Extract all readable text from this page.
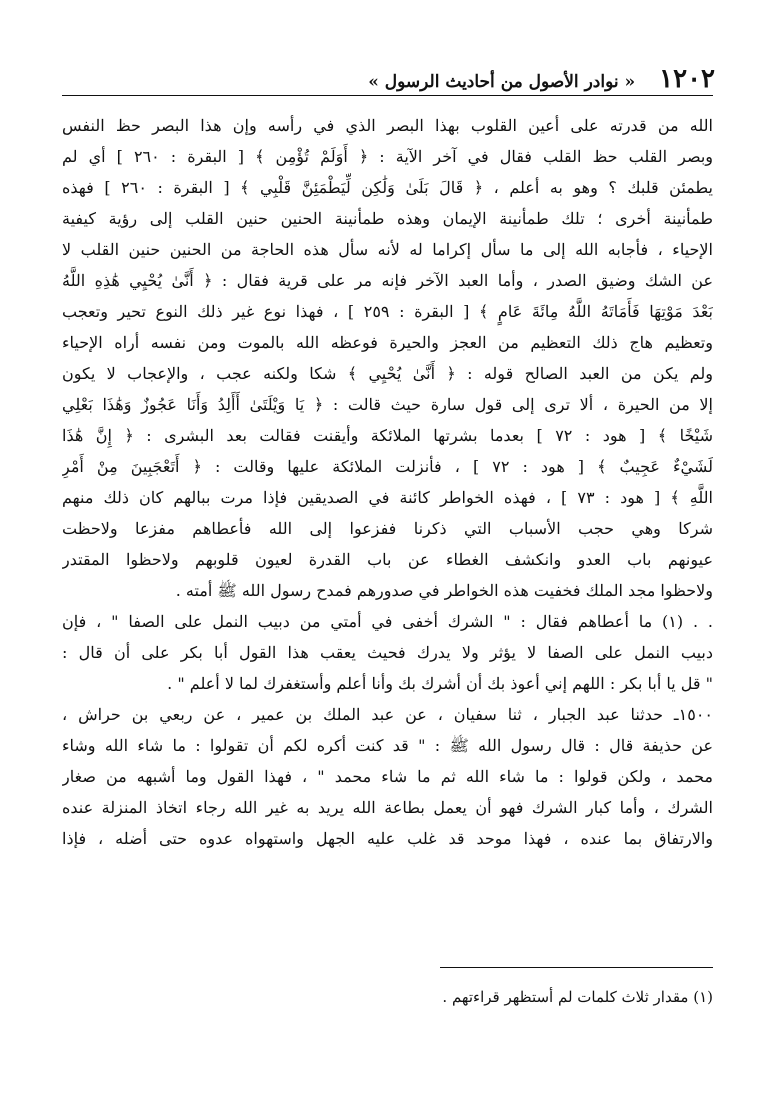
١٢٠٢
« نوادر الأصول من أحاديث الرسول »
الله من قدرته على أعين القلوب بهذا البصر الذي في رأسه وإن هذا البصر حظ النفس
وبصر القلب حظ القلب فقال في آخر الآية : ﴿ أَوَلَمْ تُؤْمِن ﴾ [ البقرة : ٢٦٠ ] أي لم
يطمئن قلبك ؟ وهو به أعلم ، ﴿ قَالَ بَلَىٰ وَلَٰكِن لِّيَطْمَئِنَّ قَلْبِي ﴾ [ البقرة : ٢٦٠ ] فهذه
طمأنينة أخرى ؛ تلك طمأنينة الإيمان وهذه طمأنينة الحنين حنين القلب إلى رؤية كيفية
الإحياء ، فأجابه الله إلى ما سأل إكراما له لأنه سأل هذه الحاجة من الحنين حنين القلب لا
عن الشك وضيق الصدر ، وأما العبد الآخر فإنه مر على قرية فقال : ﴿ أَنَّىٰ يُحْيِي هَٰذِهِ اللَّهُ
بَعْدَ مَوْتِهَا فَأَمَاتَهُ اللَّهُ مِائَةَ عَامٍ ﴾ [ البقرة : ٢٥٩ ] ، فهذا نوع غير ذلك النوع تحير وتعجب
وتعظيم هاج ذلك التعظيم من العجز والحيرة فوعظه الله بالموت ومن نفسه أراه الإحياء
ولم يكن من العبد الصالح قوله : ﴿ أَنَّىٰ يُحْيِي ﴾ شكا ولكنه عجب ، والإعجاب لا يكون
إلا من الحيرة ، ألا ترى إلى قول سارة حيث قالت : ﴿ يَا وَيْلَتَىٰ أَأَلِدُ وَأَنَا عَجُوزٌ وَهَٰذَا بَعْلِي
شَيْخًا ﴾ [ هود : ٧٢ ] بعدما بشرتها الملائكة وأيقنت فقالت بعد البشرى : ﴿ إِنَّ هَٰذَا
لَشَيْءٌ عَجِيبٌ ﴾ [ هود : ٧٢ ] ، فأنزلت الملائكة عليها وقالت : ﴿ أَتَعْجَبِينَ مِنْ أَمْرِ
اللَّهِ ﴾ [ هود : ٧٣ ] ، فهذه الخواطر كائنة في الصديقين فإذا مرت ببالهم كان ذلك منهم
شركا وهي حجب الأسباب التي ذكرنا ففزعوا إلى الله فأعطاهم مفزعا ولاحظت
عيونهم باب العدو وانكشف الغطاء عن باب القدرة لعيون قلوبهم ولاحظوا المقتدر
ولاحظوا مجد الملك فخفيت هذه الخواطر في صدورهم فمدح رسول الله ﷺ أمته .
. . (١) ما أعطاهم فقال : " الشرك أخفى في أمتي من دبيب النمل على الصفا " ، فإن
دبيب النمل على الصفا لا يؤثر ولا يدرك فحيث يعقب هذا القول أبا بكر على أن قال :
" قل يا أبا بكر : اللهم إني أعوذ بك أن أشرك بك وأنا أعلم وأستغفرك لما لا أعلم " .
١٥٠٠ـ حدثنا عبد الجبار ، ثنا سفيان ، عن عبد الملك بن عمير ، عن ربعي بن حراش ،
عن حذيفة قال : قال رسول الله ﷺ : " قد كنت أكره لكم أن تقولوا : ما شاء الله وشاء
محمد ، ولكن قولوا : ما شاء الله ثم ما شاء محمد " ، فهذا القول وما أشبهه من صغار
الشرك ، وأما كبار الشرك فهو أن يعمل بطاعة الله يريد به غير الله رجاء اتخاذ المنزلة عنده
والارتفاق بما عنده ، فهذا موحد قد غلب عليه الجهل واستهواه عدوه حتى أضله ، فإذا
(١) مقدار ثلاث كلمات لم أستظهر قراءتهم .
